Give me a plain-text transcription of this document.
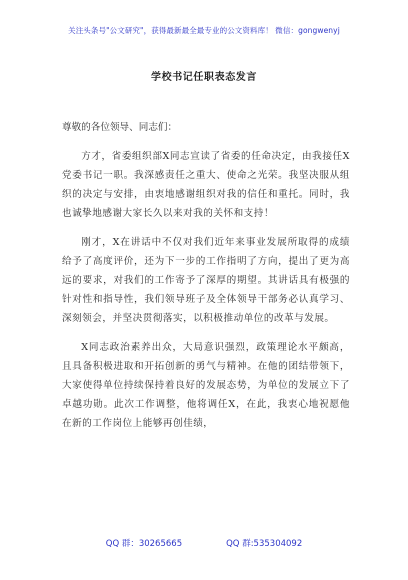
关注头条号"公文研究"，获得最新最全最专业的公文资料库！ 微信：gongwenyj
学校书记任职表态发言

尊敬的各位领导、同志们：

方才，省委组织部X同志宣读了省委的任命决定，由我接任X党委书记一职。我深感责任之重大、使命之光荣。我坚决服从组织的决定与安排，由衷地感谢组织对我的信任和重托。同时，我也诚挚地感谢大家长久以来对我的关怀和支持！

刚才，X在讲话中不仅对我们近年来事业发展所取得的成绩给予了高度评价，还为下一步的工作指明了方向，提出了更为高远的要求，对我们的工作寄予了深厚的期望。其讲话具有极强的针对性和指导性，我们领导班子及全体领导干部务必认真学习、深刻领会，并坚决贯彻落实，以积极推动单位的改革与发展。

X同志政治素养出众，大局意识强烈，政策理论水平颇高，且具备积极进取和开拓创新的勇气与精神。在他的团结带领下，大家使得单位持续保持着良好的发展态势，为单位的发展立下了卓越功勋。此次工作调整，他将调任X，在此，我衷心地祝愿他在新的工作岗位上能够再创佳绩，

QQ 群：30265665	QQ 群:535304092
